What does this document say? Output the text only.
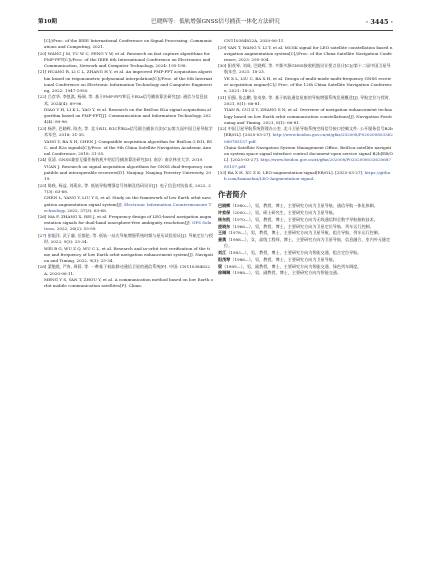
第10期	巴晓辉等：低轨增强GNSS信号捕获一体化方法研究	· 3445 ·
[C]//Proc. of the IEEE International Conference on Signal Processing, Communications and Computing, 2021.
[20] WANG J M, YU W C, PENG Y W, et al. Research on fast capture algorithms for PMF-FFT[C]//Proc. of the IEEE 6th International Conference on Electronics and Communication, Network and Computer Technology, 2024: 195-198.
[21] HUANG R, LI C L, ZHANG H Y, et al. An improved PMF-FFT acquisition algorithm based on trigonometric polynomial interpolation[C]//Proc. of the 6th International Conference on Electronic Information Technology and Computer Engineering, 2022: 1947-1950.
[22] 吕彦华, 李凯淇, 杨瑞, 等. 基于PMF-FFT和瓦卡B2a信号捕获算法研究[J]. 通信与信息技术, 2024(4): 89-96.
DIAO Y H, LI K L, YAO Y, et al. Research on the BeiDou B2a signal acquisition algorithm based on PMF-FFT[J]. Communication and Information Technology, 2024(4): 89-96.
[23] 杨洪, 巴晓辉, 陈杰, 等. 北斗B1I, B1C和B2a信号联合捕获方法[C]//第九届中国卫星导航学术年会, 2018: 31-35.
YANG Y, BA X H, CHEN J. Compatible acquisition algorithm for BeiDou-3 B1I, B1C, and B2a signals[C]//Proc. of the 9th China Satellite Navigation Academic Annual Conference, 2018: 31-35.
[24] 袁清. GNSS兼容互操作接收机中的信号捕获算法研究[D]. 南京: 南京林业大学, 2019.
YUAN J. Research on signal acquisition algorithms for GNSS dual-frequency compatible and interoperable receivers[D]. Nanjing: Nanjing Forestry University, 2019.
[25] 陈秋, 杨益, 刘燕东, 等. 低轨导航增强信号体制及伪码设计[J]. 电子信息对抗技术, 2022, 37(3): 63-68.
CHEN L, YANG Y, LIU Y S, et al. Study on the framework of low Earth orbit navigation augmentation signal system[J]. Electronic Information Countermeasure Technology, 2022, 37(3): 63-68.
[26] MA F, ZHANG X, REI J, et al. Frequency design of LEO-based navigation augmentation signals for dual-band ionosphere-free ambiguity resolution[J]. GPS Solutions, 2022, 26(2): 53-59.
[27] 彭振洋, 武子谦, 岳都伦, 等. 低轨一站式导航增强系统时频与星历试验验证[J]. 导航定位与授时, 2022, 9(3): 25-34.
WEI B G, WU Z Q, WU C L, et al. Research and in-orbit test verification of the time and frequency of low Earth orbit navigation enhancement system[J]. Navigation and Timing, 2022, 9(3): 25-34.
[28] 蒙勉乾, 严冉, 周莉, 等. 一种基于低轨移动通信卫星的通信系统[P]. 中国: CN110384822A, 2020-06-11.
MENG Y S, YAN T, ZHOU Y, et al. A communication method based on low Earth orbit mobile communication satellites[P]. China:
CN110384822A, 2020-06-11.
[29] YAN T, WANG Y, LI T, et al. MCSK signal for LEO satellite constellation based navigation augmentation system[C]//Proc. of the China Satellite Navigation Conference, 2023: 295-304.
[30] 阳茂琴, 刘成, 巴晓辉, 等. 多频多源GNSS接收机链设计要点设计[C]//第十二届中国卫星导航年会, 2021: 18-23.
YE X L, LIU C, BA X H, et al. Design of multi-mode multi-frequency GNSS receiver acquisition engine[C]// Proc. of the 12th China Satellite Navigation Conference, 2021: 18-23.
[31] 田强, 张志鹏, 张英豪, 等. 基于低轨通信星座的导航增强系统发展概述[J]. 导航定位与授时, 2021, 8(1): 66-81.
TIAN R, CUI Z Y, ZHANG S N, et al. Overview of navigation enhancement technology based on low Earth orbit communication constellations[J]. Navigation Positioning and Timing, 2021, 8(1): 66-81.
[32] 中国卫星导航系统管理办公室. 北斗卫星导航系统空间信号接口控制文件: 公开服务信号B2b[EB/OL]. [2025-03-27]. http://www.beidou.gov.cn/xt/gfxz/202008/P020200803362068785157.pdf.
China Satellite Navigation System Management Office. BeiDou satellite navigation system space signal interface control document-open service signal B2b[EB/OL]. [2025-03-27]. http://www.beidou.gov.cn/xt/gfxz/202008/P020200803362068785157.pdf.
[33] BA X H, XU Z K. LEO-augmentation-signal[EB/OL]. [2025-03-27]. https://github.com/baxiaohui/LEO-Augmentation-signal.
作者简介
巴晓辉（1980—），男，教授，博士，主要研究方向为卫星导航、通信导航一体化体制。
许家保（2000—），男，硕士研究生，主要研究方向为卫星导航。
杨东凯（1970—），男，教授，博士，主要研究方向为无线通信和全数字导航接收技术。
庞晓东（1966—），男，教授，博士，主要研究方向为卫星定位导航、列车运行控制。
王刚（1978—），男，教授，博士，主要研究方向为卫星导航、组合导航、列车运行控制。
姜奥（1988—），女，高级工程师，博士，主要研究方向为卫星导航、信息融合、室内外无缝定位。
刘江（1983—），男，教授，博士，主要研究方向为智能交通、组合定位导航。
阳茂琴（1986—），男，教授，博士，主要研究方向为卫星导航。
梁（1989—），男，副教授，博士，主要研究方向为智能交通、绿色列车调度。
徐琳琳（1988—），男，副教授，博士，主要研究方向为智能交通。
